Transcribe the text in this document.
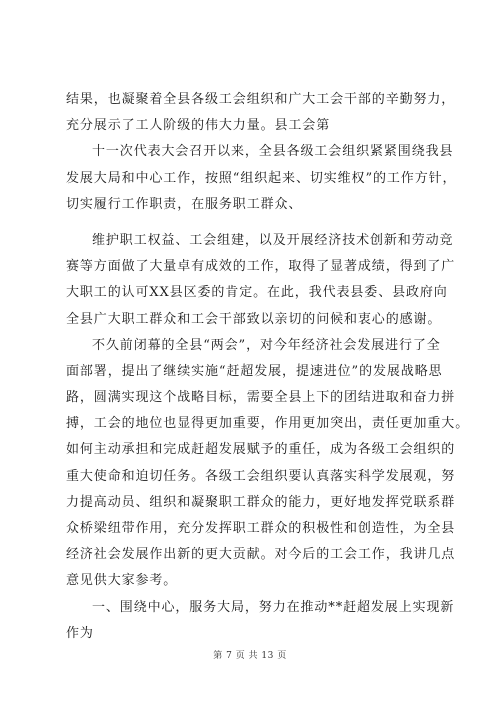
结果，也凝聚着全县各级工会组织和广大工会干部的辛勤努力，
充分展示了工人阶级的伟大力量。县工会第
十一次代表大会召开以来，全县各级工会组织紧紧围绕我县
发展大局和中心工作，按照“组织起来、切实维权”的工作方针，
切实履行工作职责，在服务职工群众、
维护职工权益、工会组建，以及开展经济技术创新和劳动竞
赛等方面做了大量卓有成效的工作，取得了显著成绩，得到了广
大职工的认可XX县区委的肯定。在此，我代表县委、县政府向
全县广大职工群众和工会干部致以亲切的问候和衷心的感谢。
不久前闭幕的全县“两会”，对今年经济社会发展进行了全
面部署，提出了继续实施“赶超发展，提速进位”的发展战略思
路，圆满实现这个战略目标，需要全县上下的团结进取和奋力拼
搏，工会的地位也显得更加重要，作用更加突出，责任更加重大。
如何主动承担和完成赶超发展赋予的重任，成为各级工会组织的
重大使命和迫切任务。各级工会组织要认真落实科学发展观，努
力提高动员、组织和凝聚职工群众的能力，更好地发挥党联系群
众桥梁纽带作用，充分发挥职工群众的积极性和创造性，为全县
经济社会发展作出新的更大贡献。对今后的工会工作，我讲几点
意见供大家参考。
一、围绕中心，服务大局，努力在推动**赶超发展上实现新
作为
第 7 页 共 13 页
